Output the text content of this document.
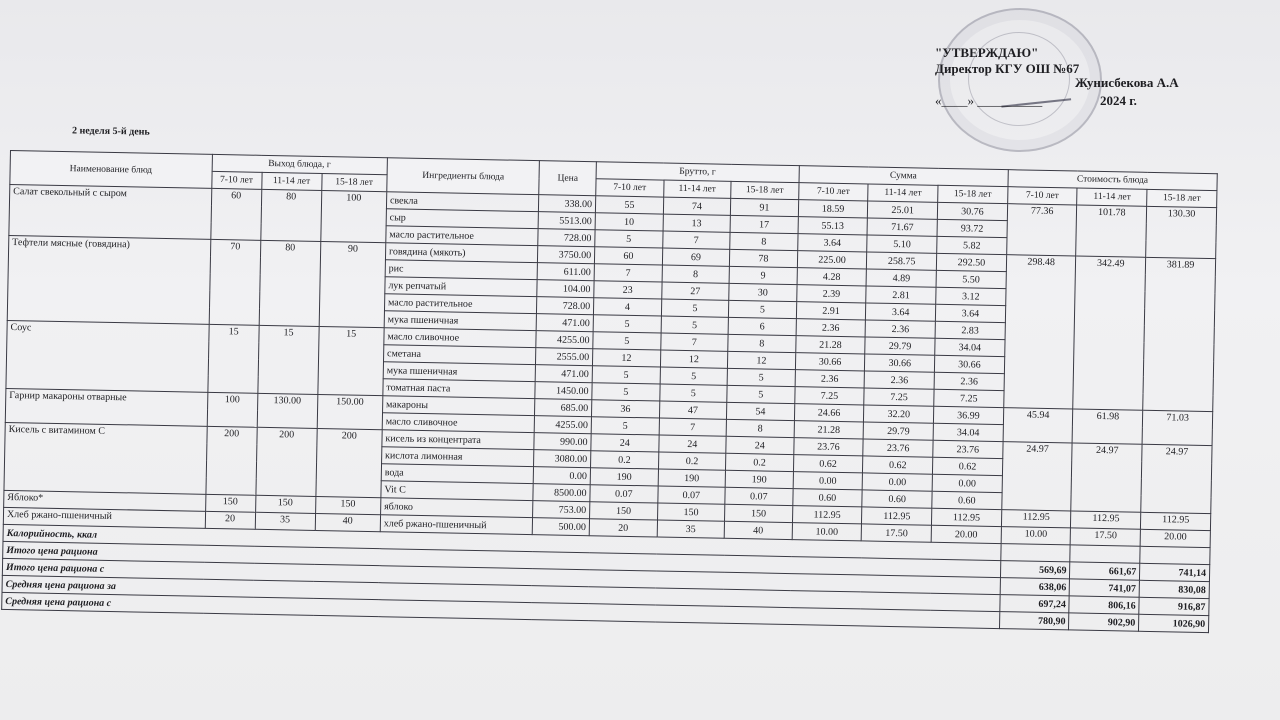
"УТВЕРЖДАЮ"
Директор КГУ ОШ №67
Жунисбекова А.А
«____» __________	2024 г.
2 неделя 5-й день
Наименование блюд	Выход блюда, г			Ингредиенты блюда	Цена	Брутто, г			Сумма			Стоимость блюда		
	7-10 лет	11-14 лет	15-18 лет			7-10 лет	11-14 лет	15-18 лет	7-10 лет	11-14 лет	15-18 лет	7-10 лет	11-14 лет	15-18 лет
Салат свекольный с сыром	60	80	100	свекла	338.00	55	74	91	18.59	25.01	30.76	77.36	101.78	130.30
				сыр	5513.00	10	13	17	55.13	71.67	93.72			
				масло растительное	728.00	5	7	8	3.64	5.10	5.82			
Тефтели мясные (говядина)	70	80	90	говядина (мякоть)	3750.00	60	69	78	225.00	258.75	292.50	298.48	342.49	381.89
				рис	611.00	7	8	9	4.28	4.89	5.50			
				лук репчатый	104.00	23	27	30	2.39	2.81	3.12			
				масло растительное	728.00	4	5	5	2.91	3.64	3.64			
				мука пшеничная	471.00	5	5	6	2.36	2.36	2.83			
Соус	15	15	15	масло сливочное	4255.00	5	7	8	21.28	29.79	34.04			
				сметана	2555.00	12	12	12	30.66	30.66	30.66			
				мука пшеничная	471.00	5	5	5	2.36	2.36	2.36			
				томатная паста	1450.00	5	5	5	7.25	7.25	7.25			
Гарнир макароны отварные	100	130.00	150.00	макароны	685.00	36	47	54	24.66	32.20	36.99	45.94	61.98	71.03
				масло сливочное	4255.00	5	7	8	21.28	29.79	34.04			
Кисель с витамином С	200	200	200	кисель из концентрата	990.00	24	24	24	23.76	23.76	23.76	24.97	24.97	24.97
				кислота лимонная	3080.00	0.2	0.2	0.2	0.62	0.62	0.62			
				вода	0.00	190	190	190	0.00	0.00	0.00			
				Vit C	8500.00	0.07	0.07	0.07	0.60	0.60	0.60			
Яблоко*	150	150	150	яблоко	753.00	150	150	150	112.95	112.95	112.95	112.95	112.95	112.95
Хлеб ржано-пшеничный	20	35	40	хлеб ржано-пшеничный	500.00	20	35	40	10.00	17.50	20.00	10.00	17.50	20.00
Калорийность, ккал														
Итого цена рациона												569,69	661,67	741,14
Итого цена рациона с												638,06	741,07	830,08
Средняя цена рациона за												697,24	806,16	916,87
Средняя цена рациона с												780,90	902,90	1026,90
